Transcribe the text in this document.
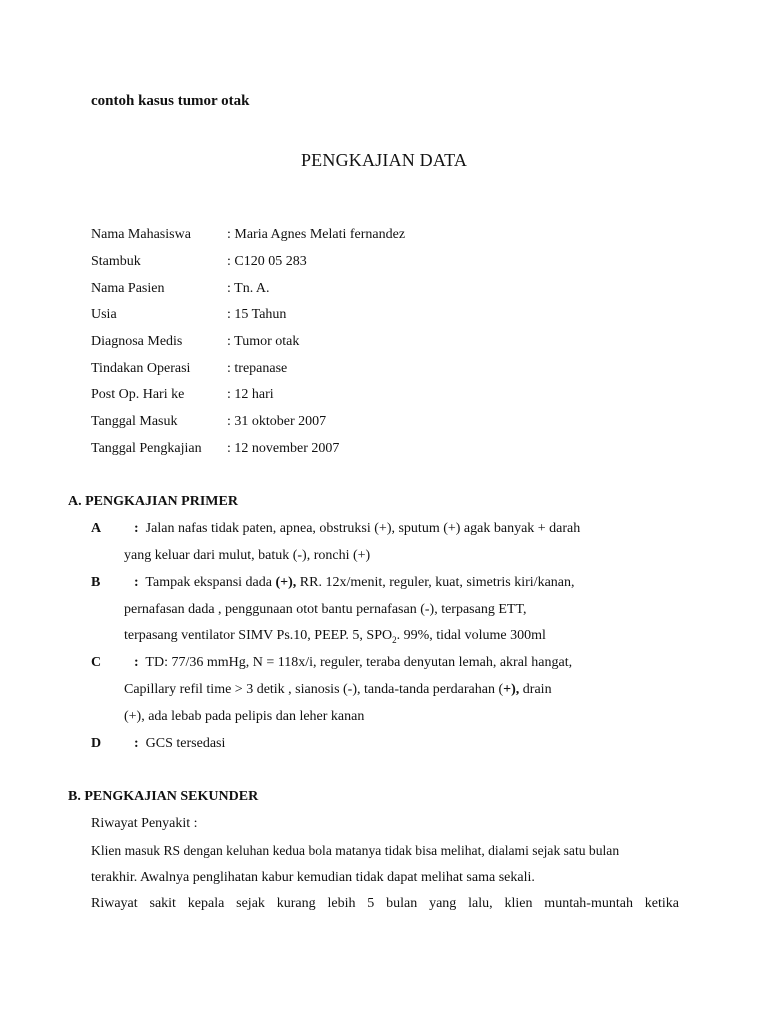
contoh kasus tumor otak
PENGKAJIAN DATA
Nama Mahasiswa	: Maria Agnes Melati fernandez
Stambuk	: C120 05 283
Nama Pasien	: Tn. A.
Usia	: 15 Tahun
Diagnosa Medis	: Tumor otak
Tindakan Operasi	: trepanase
Post Op. Hari ke	: 12 hari
Tanggal Masuk	: 31 oktober 2007
Tanggal Pengkajian : 12 november 2007
A. PENGKAJIAN PRIMER
A : Jalan nafas tidak paten, apnea, obstruksi (+), sputum (+) agak banyak + darah
yang keluar dari mulut, batuk (-), ronchi (+)
B : Tampak ekspansi dada (+), RR. 12x/menit, reguler, kuat, simetris kiri/kanan,
pernafasan dada , penggunaan otot bantu pernafasan (-), terpasang ETT,
terpasang ventilator SIMV Ps.10, PEEP. 5, $SPO_2$. 99%, tidal volume 300ml
C : TD: 77/36 mmHg, N = 118x/i, reguler, teraba denyutan lemah, akral hangat,
Capillary refil time > 3 detik , sianosis (-), tanda-tanda perdarahan (+), drain
(+), ada lebab pada pelipis dan leher kanan
D : GCS tersedasi
B. PENGKAJIAN SEKUNDER
Riwayat Penyakit :
Klien masuk RS dengan keluhan kedua bola matanya tidak bisa melihat, dialami sejak satu bulan
terakhir. Awalnya penglihatan kabur kemudian tidak dapat melihat sama sekali.
Riwayat sakit kepala sejak kurang lebih 5 bulan yang lalu, klien muntah-muntah ketika
